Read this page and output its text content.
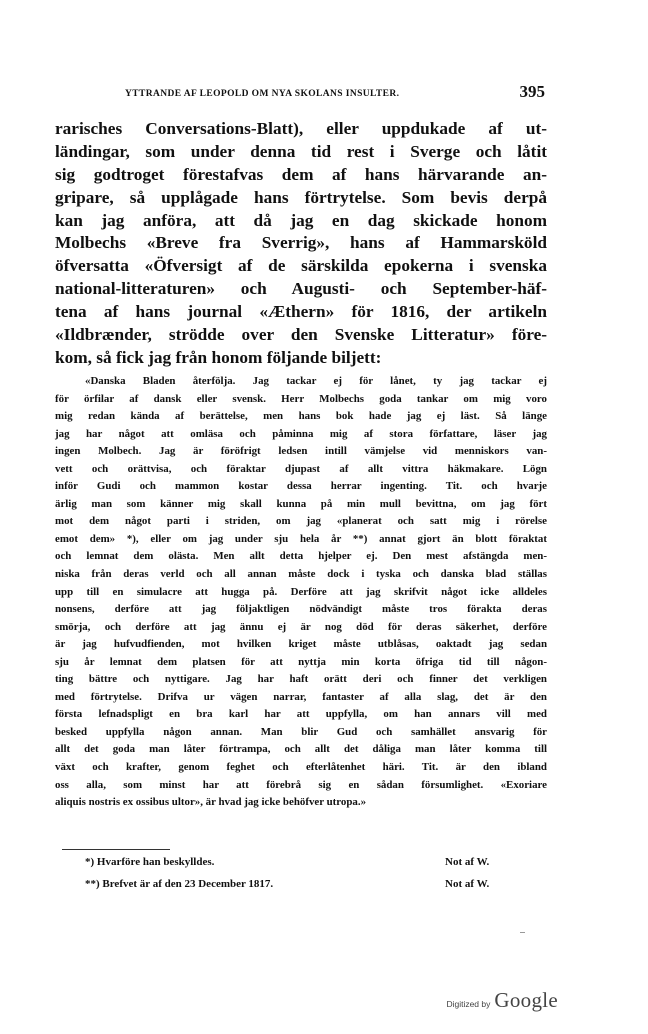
YTTRANDE AF LEOPOLD OM NYA SKOLANS INSULTER.	395
rarisches Conversations-Blatt), eller uppdukade af ut-
ländingar, som under denna tid rest i Sverge och låtit
sig godtroget förestafvas dem af hans härvarande an-
gripare, så upplågade hans förtrytelse. Som bevis derpå
kan jag anföra, att då jag en dag skickade honom
Molbechs «Breve fra Sverrig», hans af Hammarsköld
öfversatta «Öfversigt af de särskilda epokerna i svenska
national-litteraturen» och Augusti- och September-häf-
tena af hans journal «Æthern» för 1816, der artikeln
«Ildbrænder, strödde over den Svenske Litteratur» före-
kom, så fick jag från honom följande biljett:
«Danska Bladen återfölja. Jag tackar ej för lånet, ty jag tackar ej
för örfilar af dansk eller svensk. Herr Molbechs goda tankar om mig voro
mig redan kända af berättelse, men hans bok hade jag ej läst. Så länge
jag har något att omläsa och påminna mig af stora författare, läser jag
ingen Molbech. Jag är föröfrigt ledsen intill vämjelse vid menniskors van-
vett och orättvisa, och föraktar djupast af allt vittra häkmakare. Lögn
inför Gudi och mammon kostar dessa herrar ingenting. Tit. och hvarje
ärlig man som känner mig skall kunna på min mull bevittna, om jag fört
mot dem något parti i striden, om jag «planerat och satt mig i rörelse
emot dem» *), eller om jag under sju hela år **) annat gjort än blott föraktat
och lemnat dem olästa. Men allt detta hjelper ej. Den mest afstängda men-
niska från deras verld och all annan måste dock i tyska och danska blad ställas
upp till en simulacre att hugga på. Derföre att jag skrifvit något icke alldeles
nonsens, derföre att jag följaktligen nödvändigt måste tros förakta deras
smörja, och derföre att jag ännu ej är nog död för deras säkerhet, derföre
är jag hufvudfienden, mot hvilken kriget måste utblåsas, oaktadt jag sedan
sju år lemnat dem platsen för att nyttja min korta öfriga tid till någon-
ting bättre och nyttigare. Jag har haft orätt deri och finner det verkligen
med förtrytelse. Drifva ur vägen narrar, fantaster af alla slag, det är den
första lefnadspligt en bra karl har att uppfylla, om han annars vill med
besked uppfylla någon annan. Man blir Gud och samhället ansvarig för
allt det goda man låter förtrampa, och allt det dåliga man låter komma till
växt och krafter, genom feghet och efterlåtenhet häri. Tit. är den ibland
oss alla, som minst har att förebrå sig en sådan försumlighet. «Exoriare
aliquis nostris ex ossibus ultor», är hvad jag icke behöfver utropa.»
*) Hvarföre han beskylldes.	Not af W.
**) Brefvet är af den 23 December 1817.	Not af W.
Digitized by Google
